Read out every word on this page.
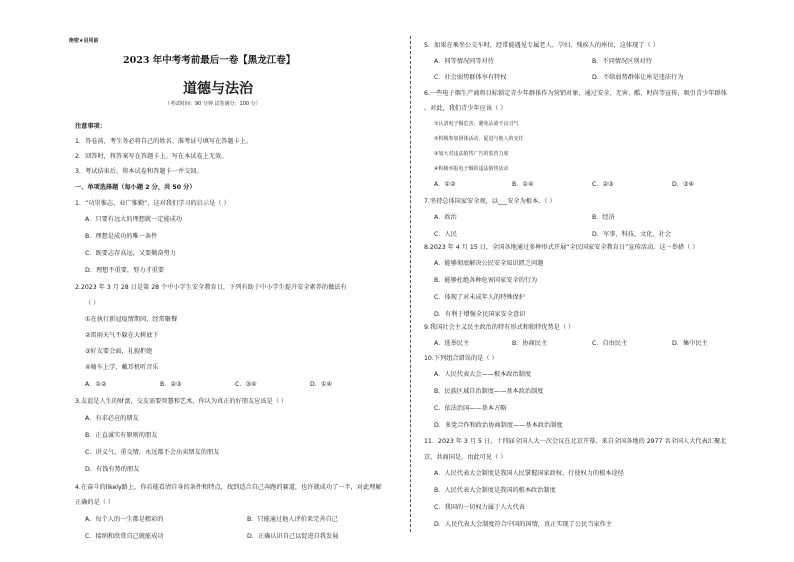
绝密★启用前
2023 年中考考前最后一卷【黑龙江卷】
道德与法治
（考试时间：90 分钟 试卷满分：100 分）
注意事项：
1．答卷前，考生务必将自己的姓名、准考证号填写在答题卡上。
2．回答时，将答案写在答题卡上。写在本试卷上无效。
3．考试结束后，将本试卷和答题卡一并交回。
一、单项选择题（每小题 2 分，共 50 分）
1．“功崇惟志，业广惟勤”，这对我们学习的启示是（ ）
A．只要有远大的理想就一定能成功
B．理想是成功的唯一条件
C．既要志存高远，又要勤奋努力
D．理想不重要，努力才重要
2.2023 年 3 月 28 日是第 28 个中小学生安全教育日，下列有助于中小学生提升安全素养的做法有
（ ）
①在执行新冠疫情期间，经常聚餐
②雷雨天气不躲在大树底下
③好友要会面，礼貌拒绝
④骑车上学，戴耳机听音乐
A．①②	B．②③	C．③④	D．①④
3.友谊是人生的财富，交友需要智慧和艺术。你认为真正的好朋友应该是（ ）
A．有求必应的朋友
B．正直诚实有原则的朋友
C．讲义气、重交情，永远都不会出卖朋友的朋友
D．有钱有势的朋友
4.在奋斗的likely路上，你若能看清自身的条件和特点，找到适合自己奔跑的赛道，也许就成功了一半，对此理解
正确的是（ ）
A．每个人的一生都是精彩的	B．只能通过他人评价来完善自己
C．接纳和欣赏自己就能成功	D．正确认识自己以促进自我发展
5．如果在乘坐公交车时，经常能遇见专属老人、孕妇、残疾人的座位，这体现了（ ）
A．同等情况同等对待	B．不同情况区别对待
C．社会弱势群体享有特权	D．不给弱势群体让座是违法行为
6.一些电子烟生产商将目标锁定青少年群体作为营销对象，通过安全、无害、酷、时尚等宣传，吸引青少年群体
。对此，我们青少年应该（ ）
①认清电子烟危害，避免沾染不良习气
②积极参加团体活动，促进与他人的交往
③加大对违法销售广告的监管力度
④积极举报电子烟的违法销售活动
A．①②	B．①④	C．②③	D．③④
7.坚持总体国家安全观，以___安全为根本。（ ）
A．政治	B．经济
C．人民	D．军事、科技、文化、社会
8.2023 年 4 月 15 日，全国各地通过多种形式开展“全民国家安全教育日”宣传活动。这一举措（ ）
A．能够彻底解决公民安全知识匮乏问题
B．能够杜绝各种危害国家安全的行为
C．体现了对未成年人的特殊保护
D．有利于增强全民国家安全意识
9.我国社会主义民主政治的特有形式和独特优势是（ ）
A．选举民主	B．协商民主	C．自由民主	D．集中民主
10.下列组合错误的是（ ）
A．人民代表大会——根本政治制度
B．民族区域自治制度——基本政治制度
C．依法治国——基本方略
D．多党合作和政治协商制度——基本政治制度
11．2023 年 3 月 5 日，十四届全国人大一次会议在北京开幕，来自全国各地的 2977 名全国人大代表汇聚北
京，共商国是。由此可见（ ）
A．人民代表大会制度是我国人民掌握国家政权、行使权力的根本途径
B．人民代表大会制度是我国的根本政治制度
C．我国的一切权力属于人大代表
D．人民代表大会制度符合中国的国情，真正实现了公民当家作主
